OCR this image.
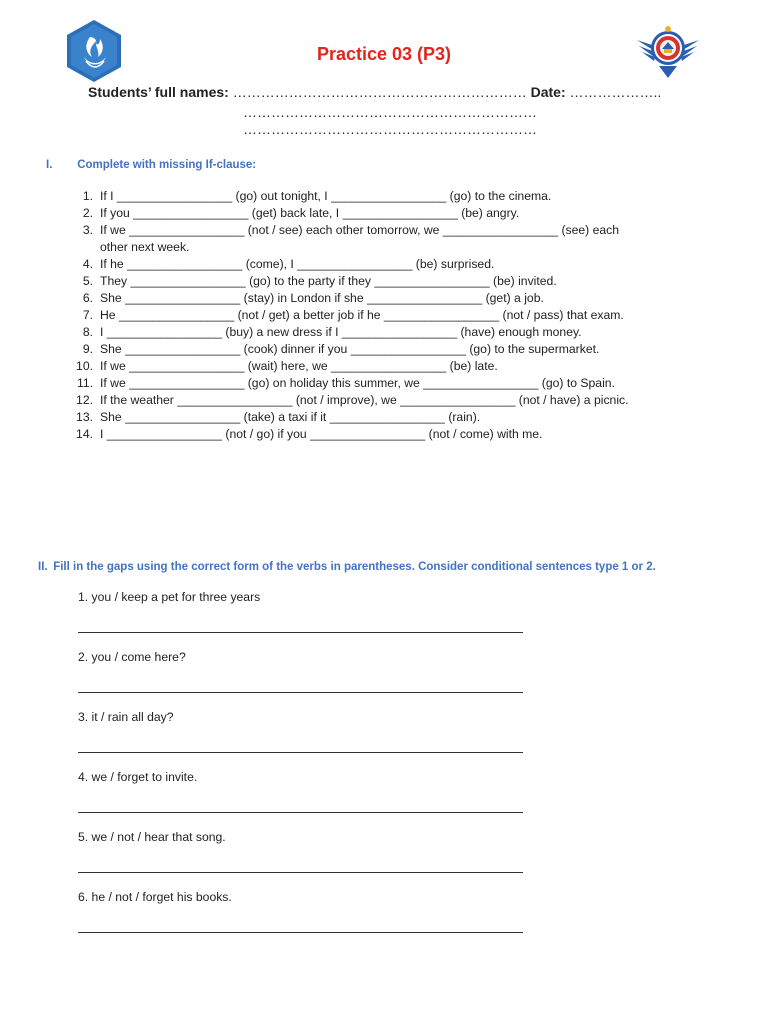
Practice 03 (P3)
Students’ full names: ……………………………………………………… Date: ………………..
………………………………………………………
………………………………………………………
I. Complete with missing If-clause:
1. If I _________________ (go) out tonight, I _________________ (go) to the cinema.
2. If you _________________ (get) back late, I _________________ (be) angry.
3. If we _________________ (not / see) each other tomorrow, we _________________ (see) each other next week.
4. If he _________________ (come), I _________________ (be) surprised.
5. They _________________ (go) to the party if they _________________ (be) invited.
6. She _________________ (stay) in London if she _________________ (get) a job.
7. He _________________ (not / get) a better job if he _________________ (not / pass) that exam.
8. I _________________ (buy) a new dress if I _________________ (have) enough money.
9. She _________________ (cook) dinner if you _________________ (go) to the supermarket.
10. If we _________________ (wait) here, we _________________ (be) late.
11. If we _________________ (go) on holiday this summer, we _________________ (go) to Spain.
12. If the weather _________________ (not / improve), we _________________ (not / have) a picnic.
13. She _________________ (take) a taxi if it _________________ (rain).
14. I _________________ (not / go) if you _________________ (not / come) with me.
II. Fill in the gaps using the correct form of the verbs in parentheses. Consider conditional sentences type 1 or 2.
1. you / keep a pet for three years
2. you / come here?
3. it / rain all day?
4. we / forget to invite.
5. we / not / hear that song.
6. he / not / forget his books.
